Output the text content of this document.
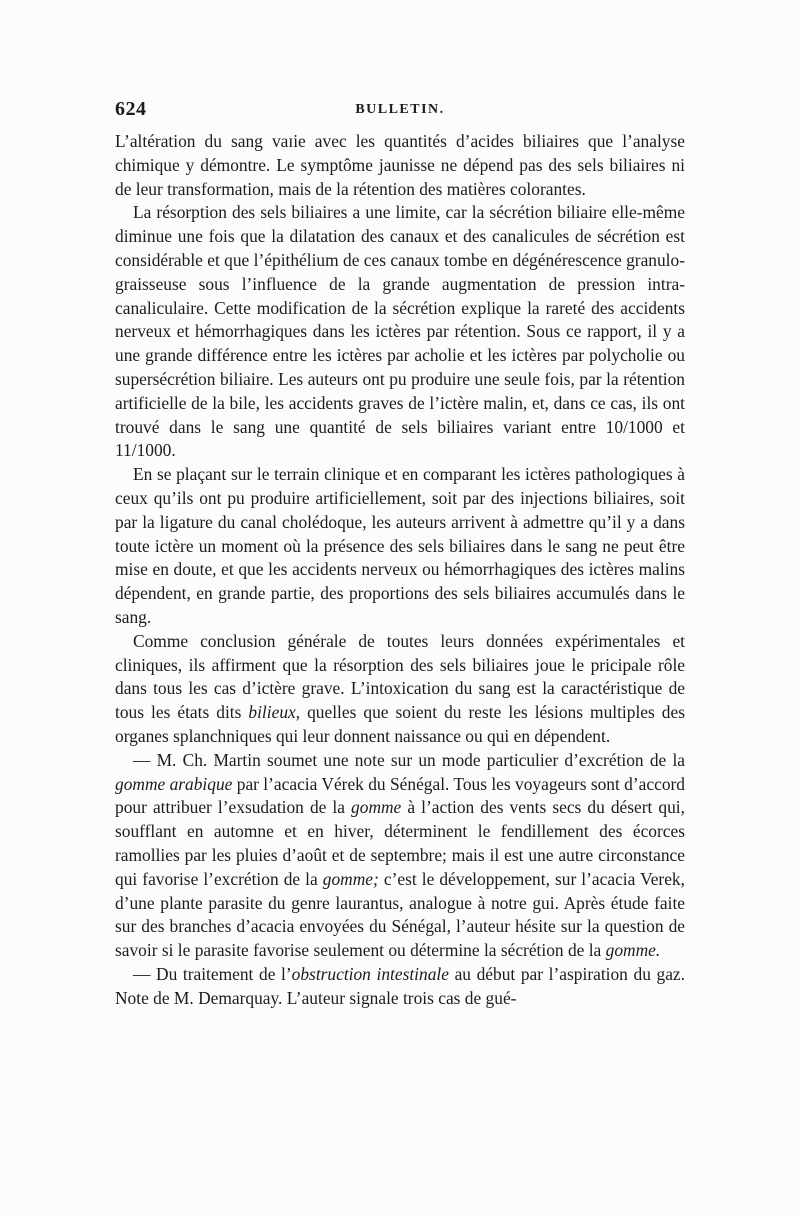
624	BULLETIN.

L’altération du sang vaɪie avec les quantités d’acides biliaires que l’analyse chimique y démontre. Le symptôme jaunisse ne dépend pas des sels biliaires ni de leur transformation, mais de la rétention des matières colorantes.

La résorption des sels biliaires a une limite, car la sécrétion biliaire elle-même diminue une fois que la dilatation des canaux et des canalicules de sécrétion est considérable et que l’épithélium de ces canaux tombe en dégénérescence granulo-graisseuse sous l’influence de la grande augmentation de pression intra-canaliculaire. Cette modification de la sécrétion explique la rareté des accidents nerveux et hémorrhagiques dans les ictères par rétention. Sous ce rapport, il y a une grande différence entre les ictères par acholie et les ictères par polycholie ou supersécrétion biliaire. Les auteurs ont pu produire une seule fois, par la rétention artificielle de la bile, les accidents graves de l’ictère malin, et, dans ce cas, ils ont trouvé dans le sang une quantité de sels biliaires variant entre 10/1000 et 11/1000.

En se plaçant sur le terrain clinique et en comparant les ictères pathologiques à ceux qu’ils ont pu produire artificiellement, soit par des injections biliaires, soit par la ligature du canal cholédoque, les auteurs arrivent à admettre qu’il y a dans toute ictère un moment où la présence des sels biliaires dans le sang ne peut être mise en doute, et que les accidents nerveux ou hémorrhagiques des ictères malins dépendent, en grande partie, des proportions des sels biliaires accumulés dans le sang.

Comme conclusion générale de toutes leurs données expérimentales et cliniques, ils affirment que la résorption des sels biliaires joue le pricipale rôle dans tous les cas d’ictère grave. L’intoxication du sang est la caractéristique de tous les états dits bilieux, quelles que soient du reste les lésions multiples des organes splanchniques qui leur donnent naissance ou qui en dépendent.

— M. Ch. Martin soumet une note sur un mode particulier d’excrétion de la gomme arabique par l’acacia Vérek du Sénégal. Tous les voyageurs sont d’accord pour attribuer l’exsudation de la gomme à l’action des vents secs du désert qui, soufflant en automne et en hiver, déterminent le fendillement des écorces ramollies par les pluies d’août et de septembre; mais il est une autre circonstance qui favorise l’excrétion de la gomme; c’est le développement, sur l’acacia Verek, d’une plante parasite du genre laurantus, analogue à notre gui. Après étude faite sur des branches d’acacia envoyées du Sénégal, l’auteur hésite sur la question de savoir si le parasite favorise seulement ou détermine la sécrétion de la gomme.

— Du traitement de l’obstruction intestinale au début par l’aspiration du gaz. Note de M. Demarquay. L’auteur signale trois cas de gué-
